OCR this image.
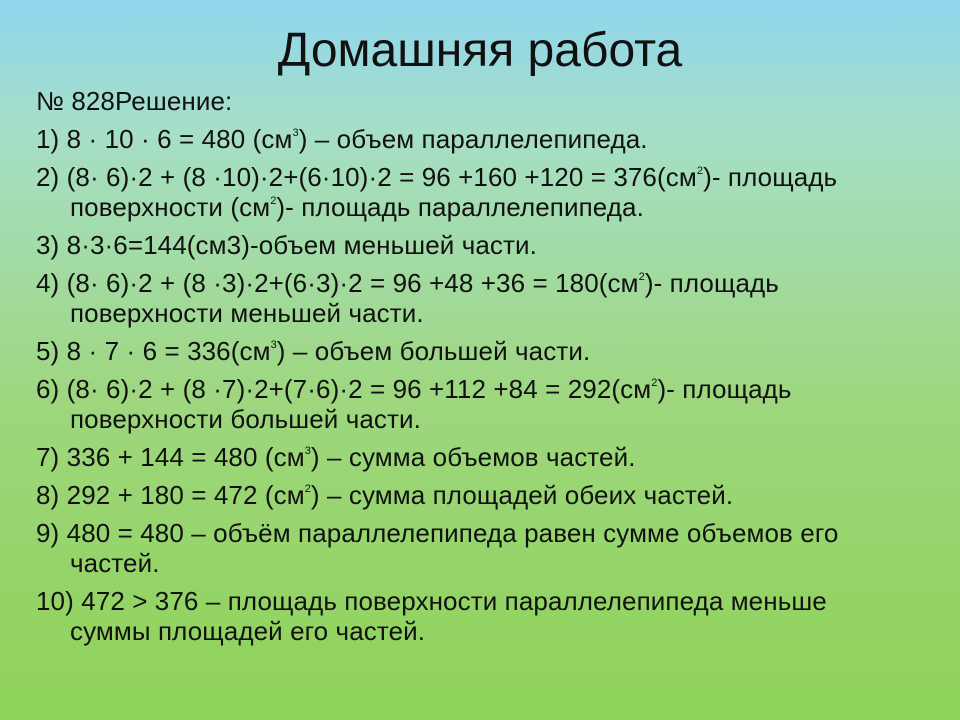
Домашняя работа
№ 828Решение:
1) 8 · 10 · 6 = 480 $(см^3)$ – объем параллелепипеда.
2) $(8\cdot 6)\cdot 2 + (8 \cdot 10)\cdot 2+(6\cdot 10)\cdot 2 = 96 +160 +120 = 376(см^2)-$ площадь
поверхности $(см^2)-$ площадь параллелепипеда.
3) 8·3·6=144(см3)-объем меньшей части.
4) $(8\cdot 6)\cdot 2 + (8 \cdot 3)\cdot 2+(6\cdot 3)\cdot 2 = 96 +48 +36 = 180(см^2)-$ площадь
поверхности меньшей части.
5) $8 \cdot 7 \cdot 6 = 336(см^3)$ – объем большей части.
6) $(8\cdot 6)\cdot 2 + (8 \cdot 7)\cdot 2+(7\cdot 6)\cdot 2 = 96 +112 +84 = 292(см^2)-$ площадь
поверхности большей части.
7) 336 + 144 = 480 $(см^3)$ – сумма объемов частей.
8) 292 + 180 = 472 $(см^2)$ – сумма площадей обеих частей.
9) 480 = 480 – объём параллелепипеда равен сумме объемов его
частей.
10) 472 > 376 – площадь поверхности параллелепипеда меньше
суммы площадей его частей.
